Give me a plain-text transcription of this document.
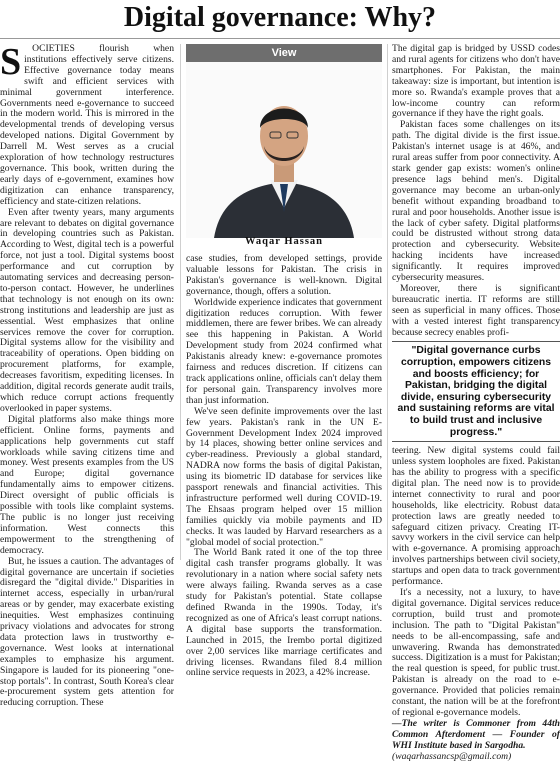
Digital governance: Why?

S OCIETIES flourish when institutions effectively serve citizens. Effective governance today means swift and efficient services with minimal government interference. Governments need e-governance to succeed in the modern world. This is mirrored in the developmental trends of developing versus developed nations. Digital Government by Darrell M. West serves as a crucial exploration of how technology restructures governance. This book, written during the early days of e-government, examines how digitization can enhance transparency, efficiency and state-citizen relations.

Even after twenty years, many arguments are relevant to debates on digital governance in developing countries such as Pakistan. According to West, digital tech is a powerful force, not just a tool. Digital systems boost performance and cut corruption by automating services and decreasing person-to-person contact. However, he underlines that technology is not enough on its own: strong institutions and leadership are just as essential. West emphasizes that online services remove the cover for corruption. Digital systems allow for the visibility and traceability of operations. Open bidding on procurement platforms, for example, decreases favoritism, expediting licenses. In addition, digital records generate audit trails, which reduce corrupt actions frequently overlooked in paper systems.

Digital platforms also make things more efficient. Online forms, payments and applications help governments cut staff workloads while saving citizens time and money. West presents examples from the US and Europe; digital governance fundamentally aims to empower citizens. Direct oversight of public officials is possible with tools like complaint systems. The public is no longer just receiving information. West connects this empowerment to the strengthening of democracy.

But, he issues a caution. The advantages of digital governance are uncertain if societies disregard the "digital divide." Disparities in internet access, especially in urban/rural areas or by gender, may exacerbate existing inequities. West emphasizes continuing privacy violations and advocates for strong data protection laws in trustworthy e-governance. West looks at international examples to emphasize his argument. Singapore is lauded for its pioneering "one-stop portals". In contrast, South Korea's clear e-procurement system gets attention for reducing corruption. These

View
Waqar Hassan

case studies, from developed settings, provide valuable lessons for Pakistan. The crisis in Pakistan's governance is well-known. Digital governance, though, offers a solution.

Worldwide experience indicates that government digitization reduces corruption. With fewer middlemen, there are fewer bribes. We can already see this happening in Pakistan. A World Development study from 2024 confirmed what Pakistanis already knew: e-governance promotes fairness and reduces discretion. If citizens can track applications online, officials can't delay them for personal gain. Transparency involves more than just information.

We've seen definite improvements over the last few years. Pakistan's rank in the UN E-Government Development Index 2024 improved by 14 places, showing better online services and cyber-readiness. Previously a global standard, NADRA now forms the basis of digital Pakistan, using its biometric ID database for services like passport renewals and financial activities. This infrastructure performed well during COVID-19. The Ehsaas program helped over 15 million families quickly via mobile payments and ID checks. It was lauded by Harvard researchers as a "global model of social protection."

The World Bank rated it one of the top three digital cash transfer programs globally. It was revolutionary in a nation where social safety nets were always failing. Rwanda serves as a case study for Pakistan's potential. State collapse defined Rwanda in the 1990s. Today, it's recognized as one of Africa's least corrupt nations. A digital base supports the transformation. Launched in 2015, the Irembo portal digitized over 2,00 services like marriage certificates and driving licenses. Rwandans filed 8.4 million online service requests in 2023, a 42% increase.

The digital gap is bridged by USSD codes and rural agents for citizens who don't have smartphones. For Pakistan, the main takeaway: size is important, but intention is more so. Rwanda's example proves that a low-income country can reform governance if they have the right goals.

Pakistan faces some challenges on its path. The digital divide is the first issue. Pakistan's internet usage is at 46%, and rural areas suffer from poor connectivity. A stark gender gap exists: women's online presence lags behind men's. Digital governance may become an urban-only benefit without expanding broadband to rural and poor households. Another issue is the lack of cyber safety. Digital platforms could be distrusted without strong data protection and cybersecurity. Website hacking incidents have increased significantly. It requires improved cybersecurity measures.

Moreover, there is significant bureaucratic inertia. IT reforms are still seen as superficial in many offices. Those with a vested interest fight transparency because secrecy enables profi-

"Digital governance curbs corruption, empowers citizens and boosts efficiency; for Pakistan, bridging the digital divide, ensuring cybersecurity and sustaining reforms are vital to build trust and inclusive progress."

teering. New digital systems could fail unless system loopholes are fixed. Pakistan has the ability to progress with a specific digital plan. The need now is to provide internet connectivity to rural and poor households, like electricity. Robust data protection laws are greatly needed to safeguard citizen privacy. Creating IT-savvy workers in the civil service can help with e-governance. A promising approach involves partnerships between civil society, startups and open data to track government performance.

It's a necessity, not a luxury, to have digital governance. Digital services reduce corruption, build trust and promote inclusion. The path to "Digital Pakistan" needs to be all-encompassing, safe and unwavering. Rwanda has demonstrated success. Digitization is a must for Pakistan; the real question is speed, for public trust. Pakistan is already on the road to e-governance. Provided that policies remain constant, the nation will be at the forefront of regional e-governance models.

—The writer is Commoner from 44th Common Afterdoment — Founder of WHI Institute based in Sargodha.

(waqarhassancsp@gmail.com)
